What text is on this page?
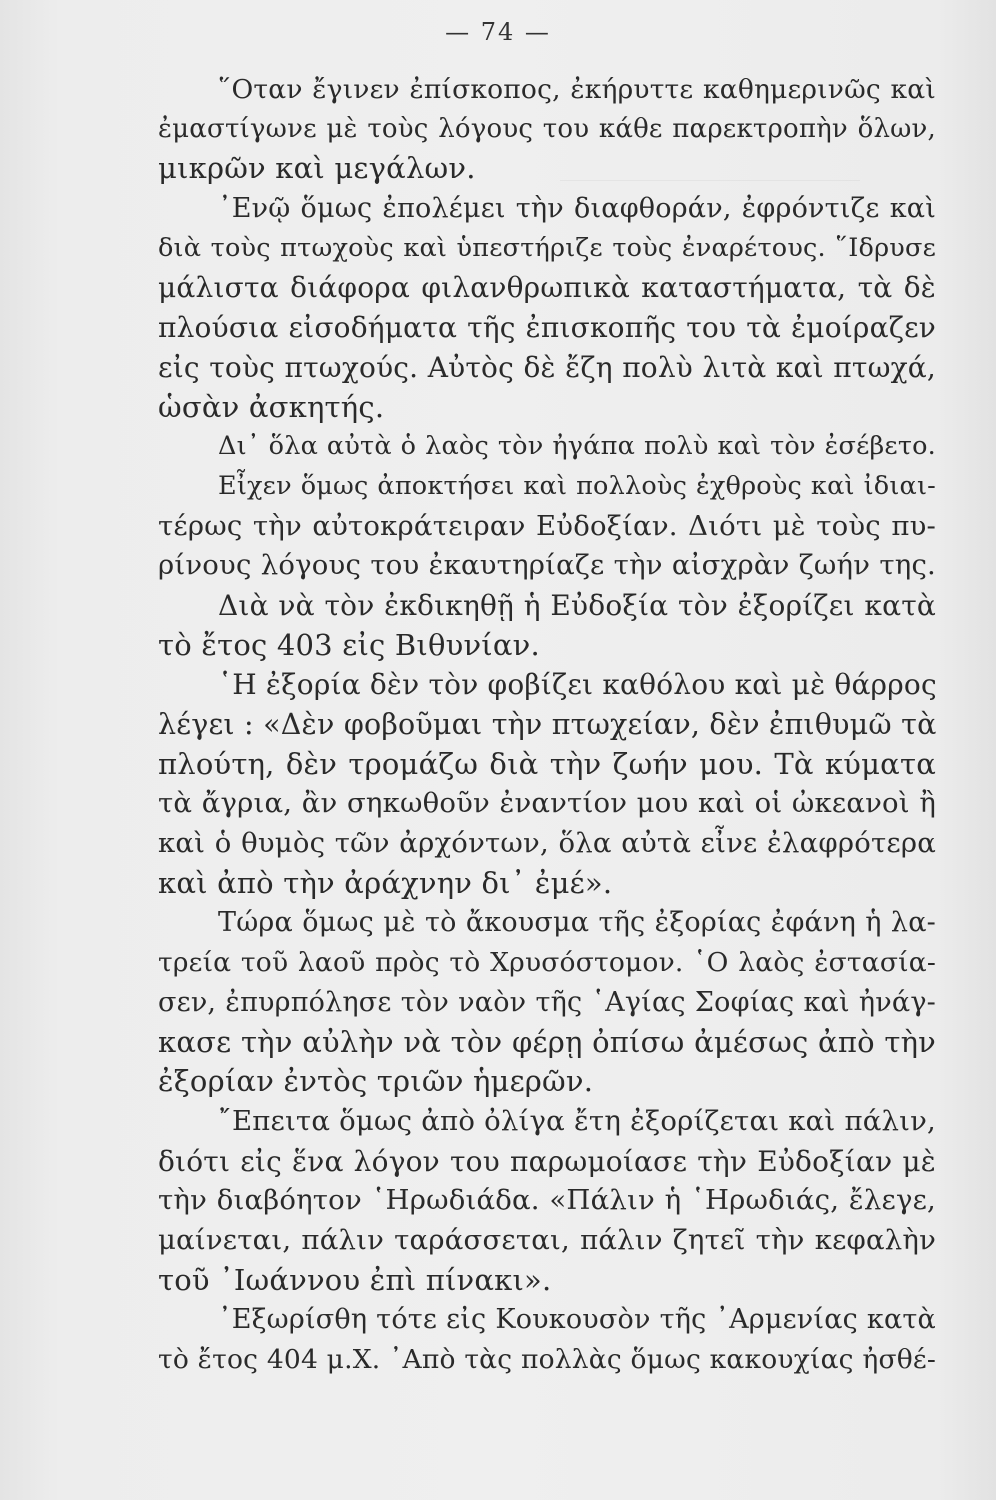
— 74 —
῞Οταν ἔγινεν ἐπίσκοπος, ἐκήρυττε καθημερινῶς καὶ
ἐμαστίγωνε μὲ τοὺς λόγους του κάθε παρεκτροπὴν ὅλων,
μικρῶν καὶ μεγάλων.
᾿Ενῷ ὅμως ἐπολέμει τὴν διαφθοράν, ἐφρόντιζε καὶ
διὰ τοὺς πτωχοὺς καὶ ὑπεστήριζε τοὺς ἐναρέτους. ῞Ιδρυσε
μάλιστα διάφορα φιλανθρωπικὰ καταστήματα, τὰ δὲ
πλούσια εἰσοδήματα τῆς ἐπισκοπῆς του τὰ ἐμοίραζεν
εἰς τοὺς πτωχούς. Αὐτὸς δὲ ἔζη πολὺ λιτὰ καὶ πτωχά,
ὡσὰν ἀσκητής.
Δι᾿ ὅλα αὐτὰ ὁ λαὸς τὸν ἠγάπα πολὺ καὶ τὸν ἐσέβετο.
Εἶχεν ὅμως ἀποκτήσει καὶ πολλοὺς ἐχθροὺς καὶ ἰδιαι-
τέρως τὴν αὐτοκράτειραν Εὐδοξίαν. Διότι μὲ τοὺς πυ-
ρίνους λόγους του ἐκαυτηρίαζε τὴν αἰσχρὰν ζωήν της.
Διὰ νὰ τὸν ἐκδικηθῇ ἡ Εὐδοξία τὸν ἐξορίζει κατὰ
τὸ ἔτος 403 εἰς Βιθυνίαν.
῾Η ἐξορία δὲν τὸν φοβίζει καθόλου καὶ μὲ θάρρος
λέγει : «Δὲν φοβοῦμαι τὴν πτωχείαν, δὲν ἐπιθυμῶ τὰ
πλούτη, δὲν τρομάζω διὰ τὴν ζωήν μου. Τὰ κύματα
τὰ ἄγρια, ἂν σηκωθοῦν ἐναντίον μου καὶ οἱ ὠκεανοὶ ἢ
καὶ ὁ θυμὸς τῶν ἀρχόντων, ὅλα αὐτὰ εἶνε ἐλαφρότερα
καὶ ἀπὸ τὴν ἀράχνην δι᾿ ἐμέ».
Τώρα ὅμως μὲ τὸ ἄκουσμα τῆς ἐξορίας ἐφάνη ἡ λα-
τρεία τοῦ λαοῦ πρὸς τὸ Χρυσόστομον. ῾Ο λαὸς ἐστασία-
σεν, ἐπυρπόλησε τὸν ναὸν τῆς ῾Αγίας Σοφίας καὶ ἠνάγ-
κασε τὴν αὐλὴν νὰ τὸν φέρῃ ὀπίσω ἀμέσως ἀπὸ τὴν
ἐξορίαν ἐντὸς τριῶν ἡμερῶν.
῎Επειτα ὅμως ἀπὸ ὀλίγα ἔτη ἐξορίζεται καὶ πάλιν,
διότι εἰς ἕνα λόγον του παρωμοίασε τὴν Εὐδοξίαν μὲ
τὴν διαβόητον ῾Ηρωδιάδα. «Πάλιν ἡ ῾Ηρωδιάς, ἔλεγε,
μαίνεται, πάλιν ταράσσεται, πάλιν ζητεῖ τὴν κεφαλὴν
τοῦ ᾿Ιωάννου ἐπὶ πίνακι».
᾿Εξωρίσθη τότε εἰς Κουκουσὸν τῆς ᾿Αρμενίας κατὰ
τὸ ἔτος 404 μ.Χ. ᾿Απὸ τὰς πολλὰς ὅμως κακουχίας ἠσθέ-
